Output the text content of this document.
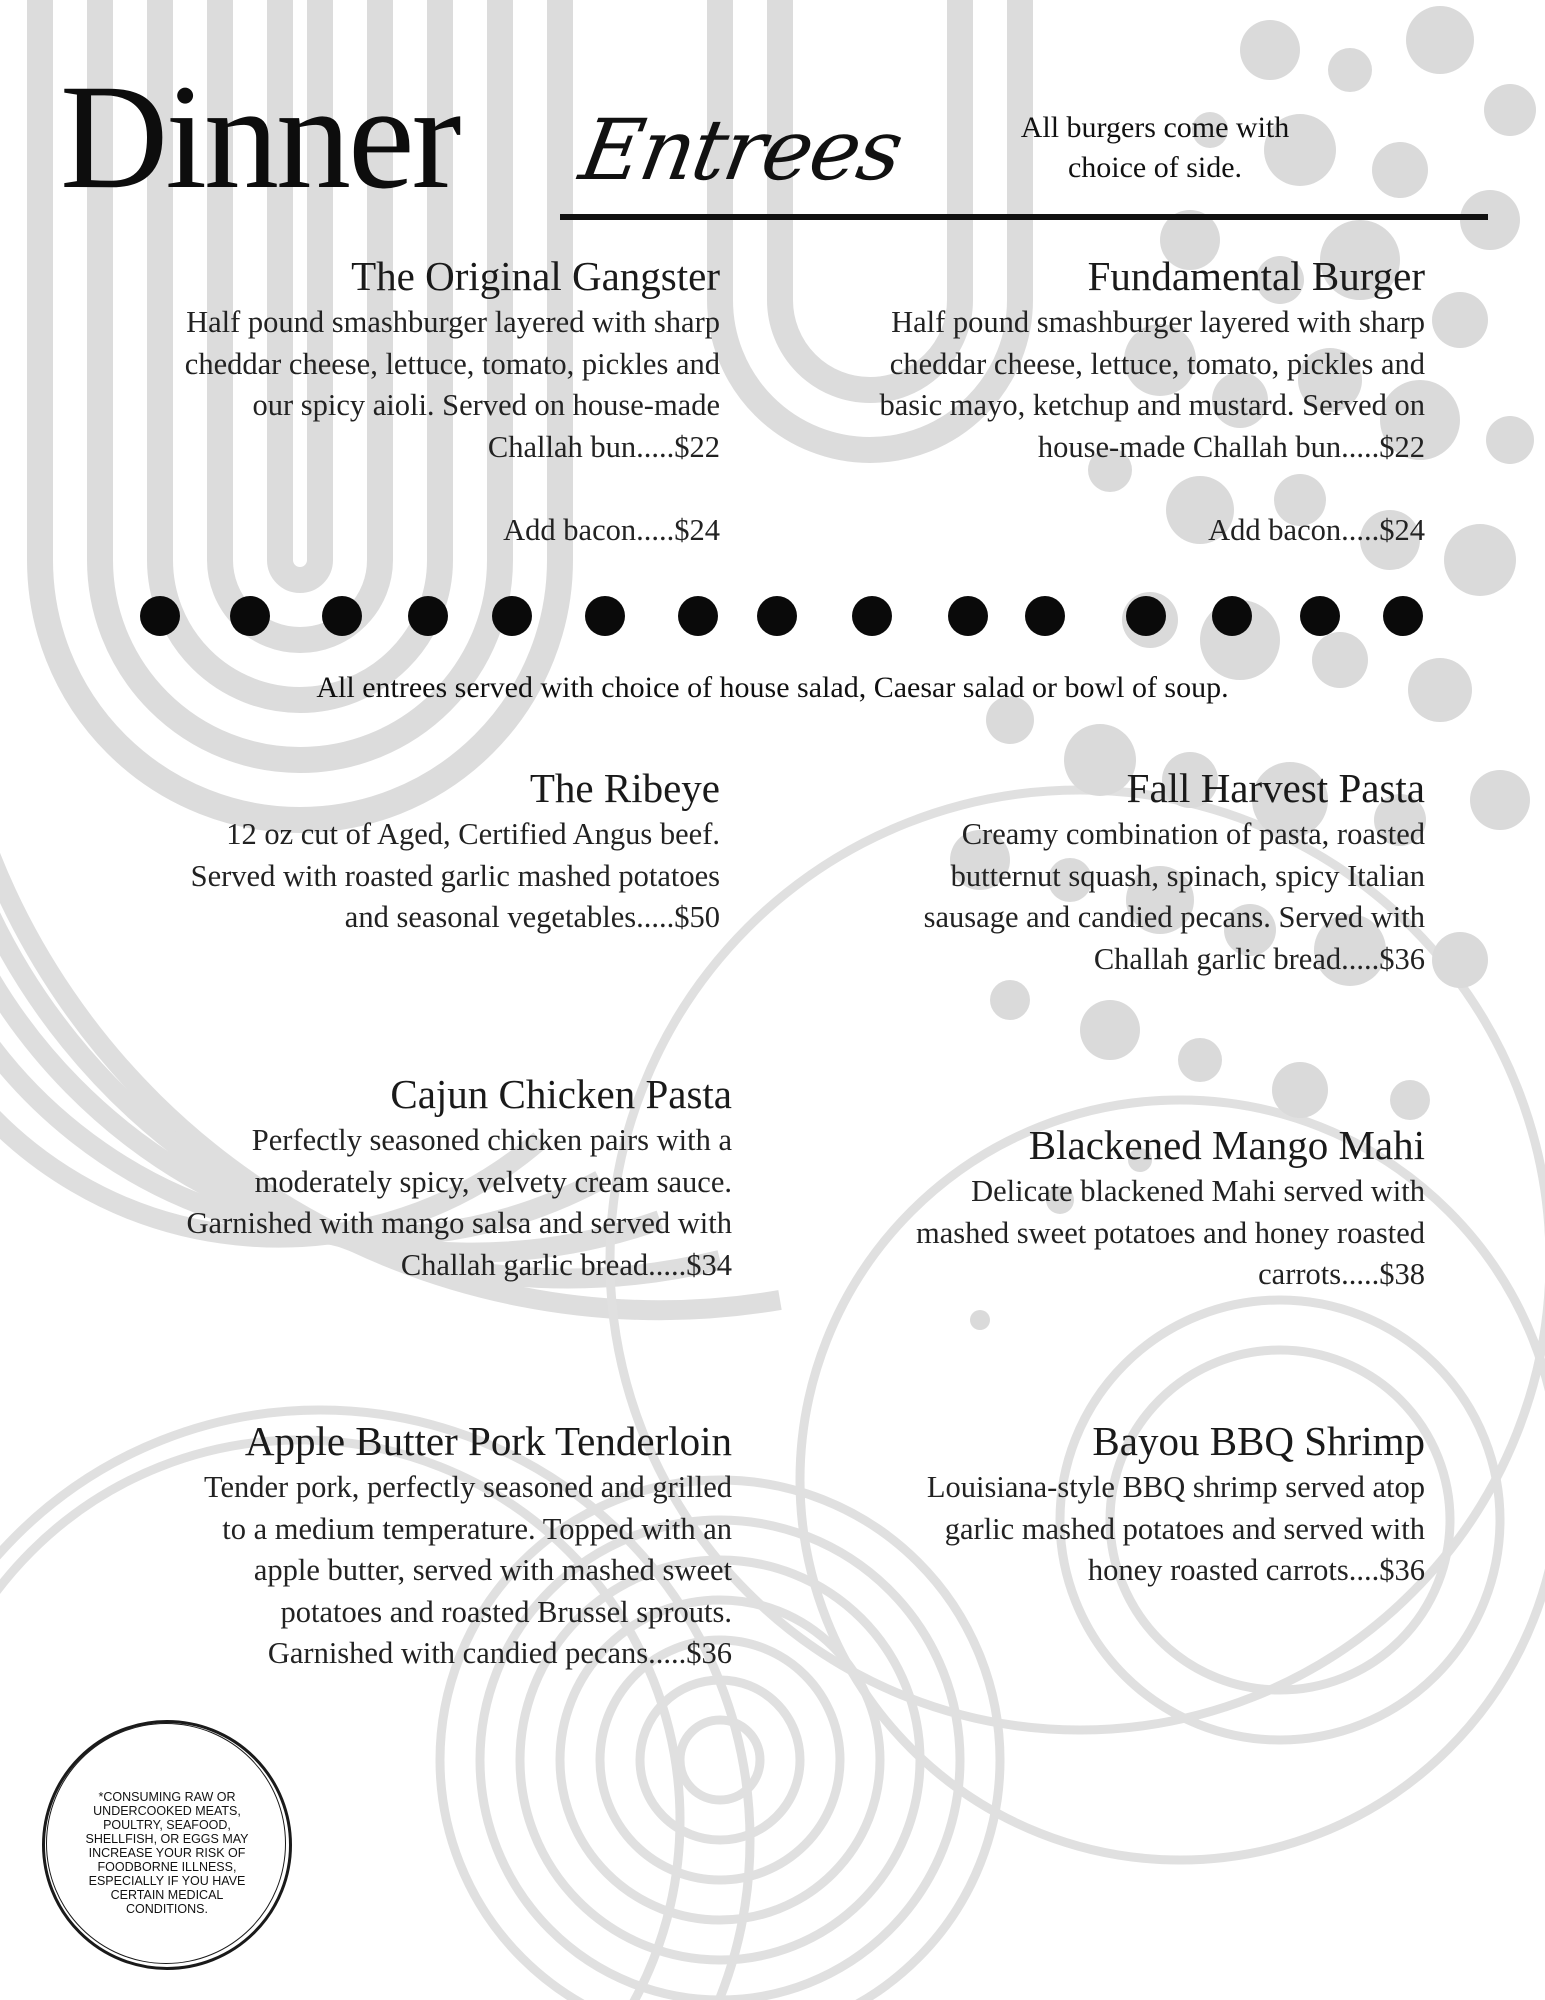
Dinner Entrees	All burgers come with choice of side.
The Original Gangster
Half pound smashburger layered with sharp
cheddar cheese, lettuce, tomato, pickles and
our spicy aioli. Served on house-made
Challah bun.....$22
Add bacon.....$24
Fundamental Burger
Half pound smashburger layered with sharp
cheddar cheese, lettuce, tomato, pickles and
basic mayo, ketchup and mustard. Served on
house-made Challah bun.....$22
Add bacon.....$24
All entrees served with choice of house salad, Caesar salad or bowl of soup.
The Ribeye
12 oz cut of Aged, Certified Angus beef.
Served with roasted garlic mashed potatoes
and seasonal vegetables.....$50
Fall Harvest Pasta
Creamy combination of pasta, roasted
butternut squash, spinach, spicy Italian
sausage and candied pecans. Served with
Challah garlic bread.....$36
Cajun Chicken Pasta
Perfectly seasoned chicken pairs with a
moderately spicy, velvety cream sauce.
Garnished with mango salsa and served with
Challah garlic bread.....$34
Blackened Mango Mahi
Delicate blackened Mahi served with
mashed sweet potatoes and honey roasted
carrots.....$38
Apple Butter Pork Tenderloin
Tender pork, perfectly seasoned and grilled
to a medium temperature. Topped with an
apple butter, served with mashed sweet
potatoes and roasted Brussel sprouts.
Garnished with candied pecans.....$36
Bayou BBQ Shrimp
Louisiana-style BBQ shrimp served atop
garlic mashed potatoes and served with
honey roasted carrots....$36
*CONSUMING RAW OR UNDERCOOKED MEATS, POULTRY, SEAFOOD, SHELLFISH, OR EGGS MAY INCREASE YOUR RISK OF FOODBORNE ILLNESS, ESPECIALLY IF YOU HAVE CERTAIN MEDICAL CONDITIONS.
